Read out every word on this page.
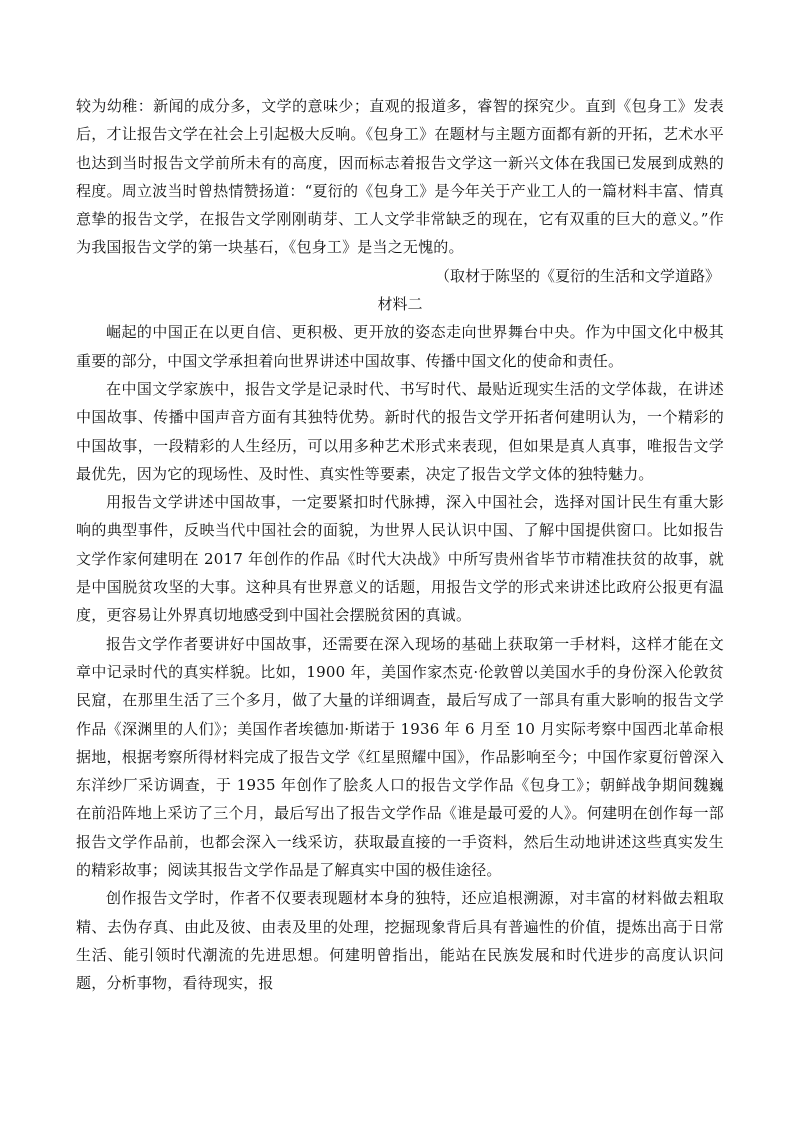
较为幼稚：新闻的成分多，文学的意味少；直观的报道多，睿智的探究少。直到《包身工》发表后，才让报告文学在社会上引起极大反响。《包身工》在题材与主题方面都有新的开拓，艺术水平也达到当时报告文学前所未有的高度，因而标志着报告文学这一新兴文体在我国已发展到成熟的程度。周立波当时曾热情赞扬道：“夏衍的《包身工》是今年关于产业工人的一篇材料丰富、情真意挚的报告文学，在报告文学刚刚萌芽、工人文学非常缺乏的现在，它有双重的巨大的意义。”作为我国报告文学的第一块基石，《包身工》是当之无愧的。

（取材于陈坚的《夏衍的生活和文学道路》

材料二

崛起的中国正在以更自信、更积极、更开放的姿态走向世界舞台中央。作为中国文化中极其重要的部分，中国文学承担着向世界讲述中国故事、传播中国文化的使命和责任。

在中国文学家族中，报告文学是记录时代、书写时代、最贴近现实生活的文学体裁，在讲述中国故事、传播中国声音方面有其独特优势。新时代的报告文学开拓者何建明认为，一个精彩的中国故事，一段精彩的人生经历，可以用多种艺术形式来表现，但如果是真人真事，唯报告文学最优先，因为它的现场性、及时性、真实性等要素，决定了报告文学文体的独特魅力。

用报告文学讲述中国故事，一定要紧扣时代脉搏，深入中国社会，选择对国计民生有重大影响的典型事件，反映当代中国社会的面貌，为世界人民认识中国、了解中国提供窗口。比如报告文学作家何建明在 2017 年创作的作品《时代大决战》中所写贵州省毕节市精准扶贫的故事，就是中国脱贫攻坚的大事。这种具有世界意义的话题，用报告文学的形式来讲述比政府公报更有温度，更容易让外界真切地感受到中国社会摆脱贫困的真诚。

报告文学作者要讲好中国故事，还需要在深入现场的基础上获取第一手材料，这样才能在文章中记录时代的真实样貌。比如，1900 年，美国作家杰克·伦敦曾以美国水手的身份深入伦敦贫民窟，在那里生活了三个多月，做了大量的详细调查，最后写成了一部具有重大影响的报告文学作品《深渊里的人们》；美国作者埃德加·斯诺于 1936 年 6 月至 10 月实际考察中国西北革命根据地，根据考察所得材料完成了报告文学《红星照耀中国》，作品影响至今；中国作家夏衍曾深入东洋纱厂采访调查，于 1935 年创作了脍炙人口的报告文学作品《包身工》；朝鲜战争期间魏巍在前沿阵地上采访了三个月，最后写出了报告文学作品《谁是最可爱的人》。何建明在创作每一部报告文学作品前，也都会深入一线采访，获取最直接的一手资料，然后生动地讲述这些真实发生的精彩故事；阅读其报告文学作品是了解真实中国的极佳途径。

创作报告文学时，作者不仅要表现题材本身的独特，还应追根溯源，对丰富的材料做去粗取精、去伪存真、由此及彼、由表及里的处理，挖掘现象背后具有普遍性的价值，提炼出高于日常生活、能引领时代潮流的先进思想。何建明曾指出，能站在民族发展和时代进步的高度认识问题，分析事物，看待现实，报
